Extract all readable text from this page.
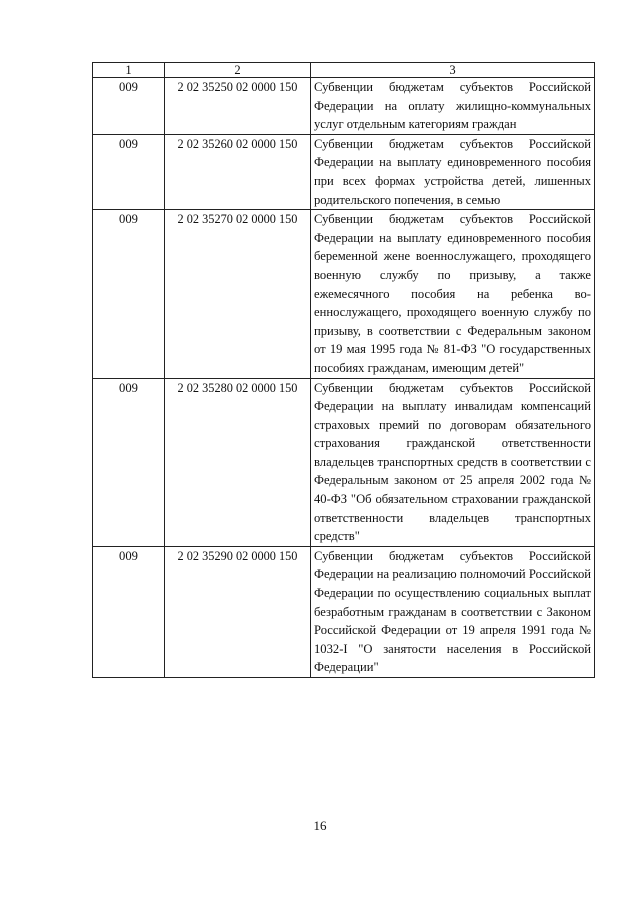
1	2	3
009	2 02 35250 02 0000 150	Субвенции бюджетам субъектов Российской Федерации на оплату жилищно-коммунальных услуг отдельным категориям граждан
009	2 02 35260 02 0000 150	Субвенции бюджетам субъектов Российской Федерации на выплату единовременного пособия при всех формах устройства детей, лишенных родительского попечения, в семью
009	2 02 35270 02 0000 150	Субвенции бюджетам субъектов Российской Федерации на выплату единовременного пособия беременной жене военнослужащего, проходящего военную службу по призыву, а также ежемесячного пособия на ребенка военнослужащего, проходящего военную службу по призыву, в соответствии с Федеральным законом от 19 мая 1995 года № 81-ФЗ "О государственных пособиях гражданам, имеющим детей"
009	2 02 35280 02 0000 150	Субвенции бюджетам субъектов Российской Федерации на выплату инвалидам компенсаций страховых премий по договорам обязательного страхования гражданской ответственности владельцев транспортных средств в соответствии с Федеральным законом от 25 апреля 2002 года № 40-ФЗ "Об обязательном страховании гражданской ответственности владельцев транспортных средств"
009	2 02 35290 02 0000 150	Субвенции бюджетам субъектов Российской Федерации на реализацию полномочий Российской Федерации по осуществлению социальных выплат безработным гражданам в соответствии с Законом Российской Федерации от 19 апреля 1991 года № 1032-I "О занятости населения в Российской Федерации"
16
